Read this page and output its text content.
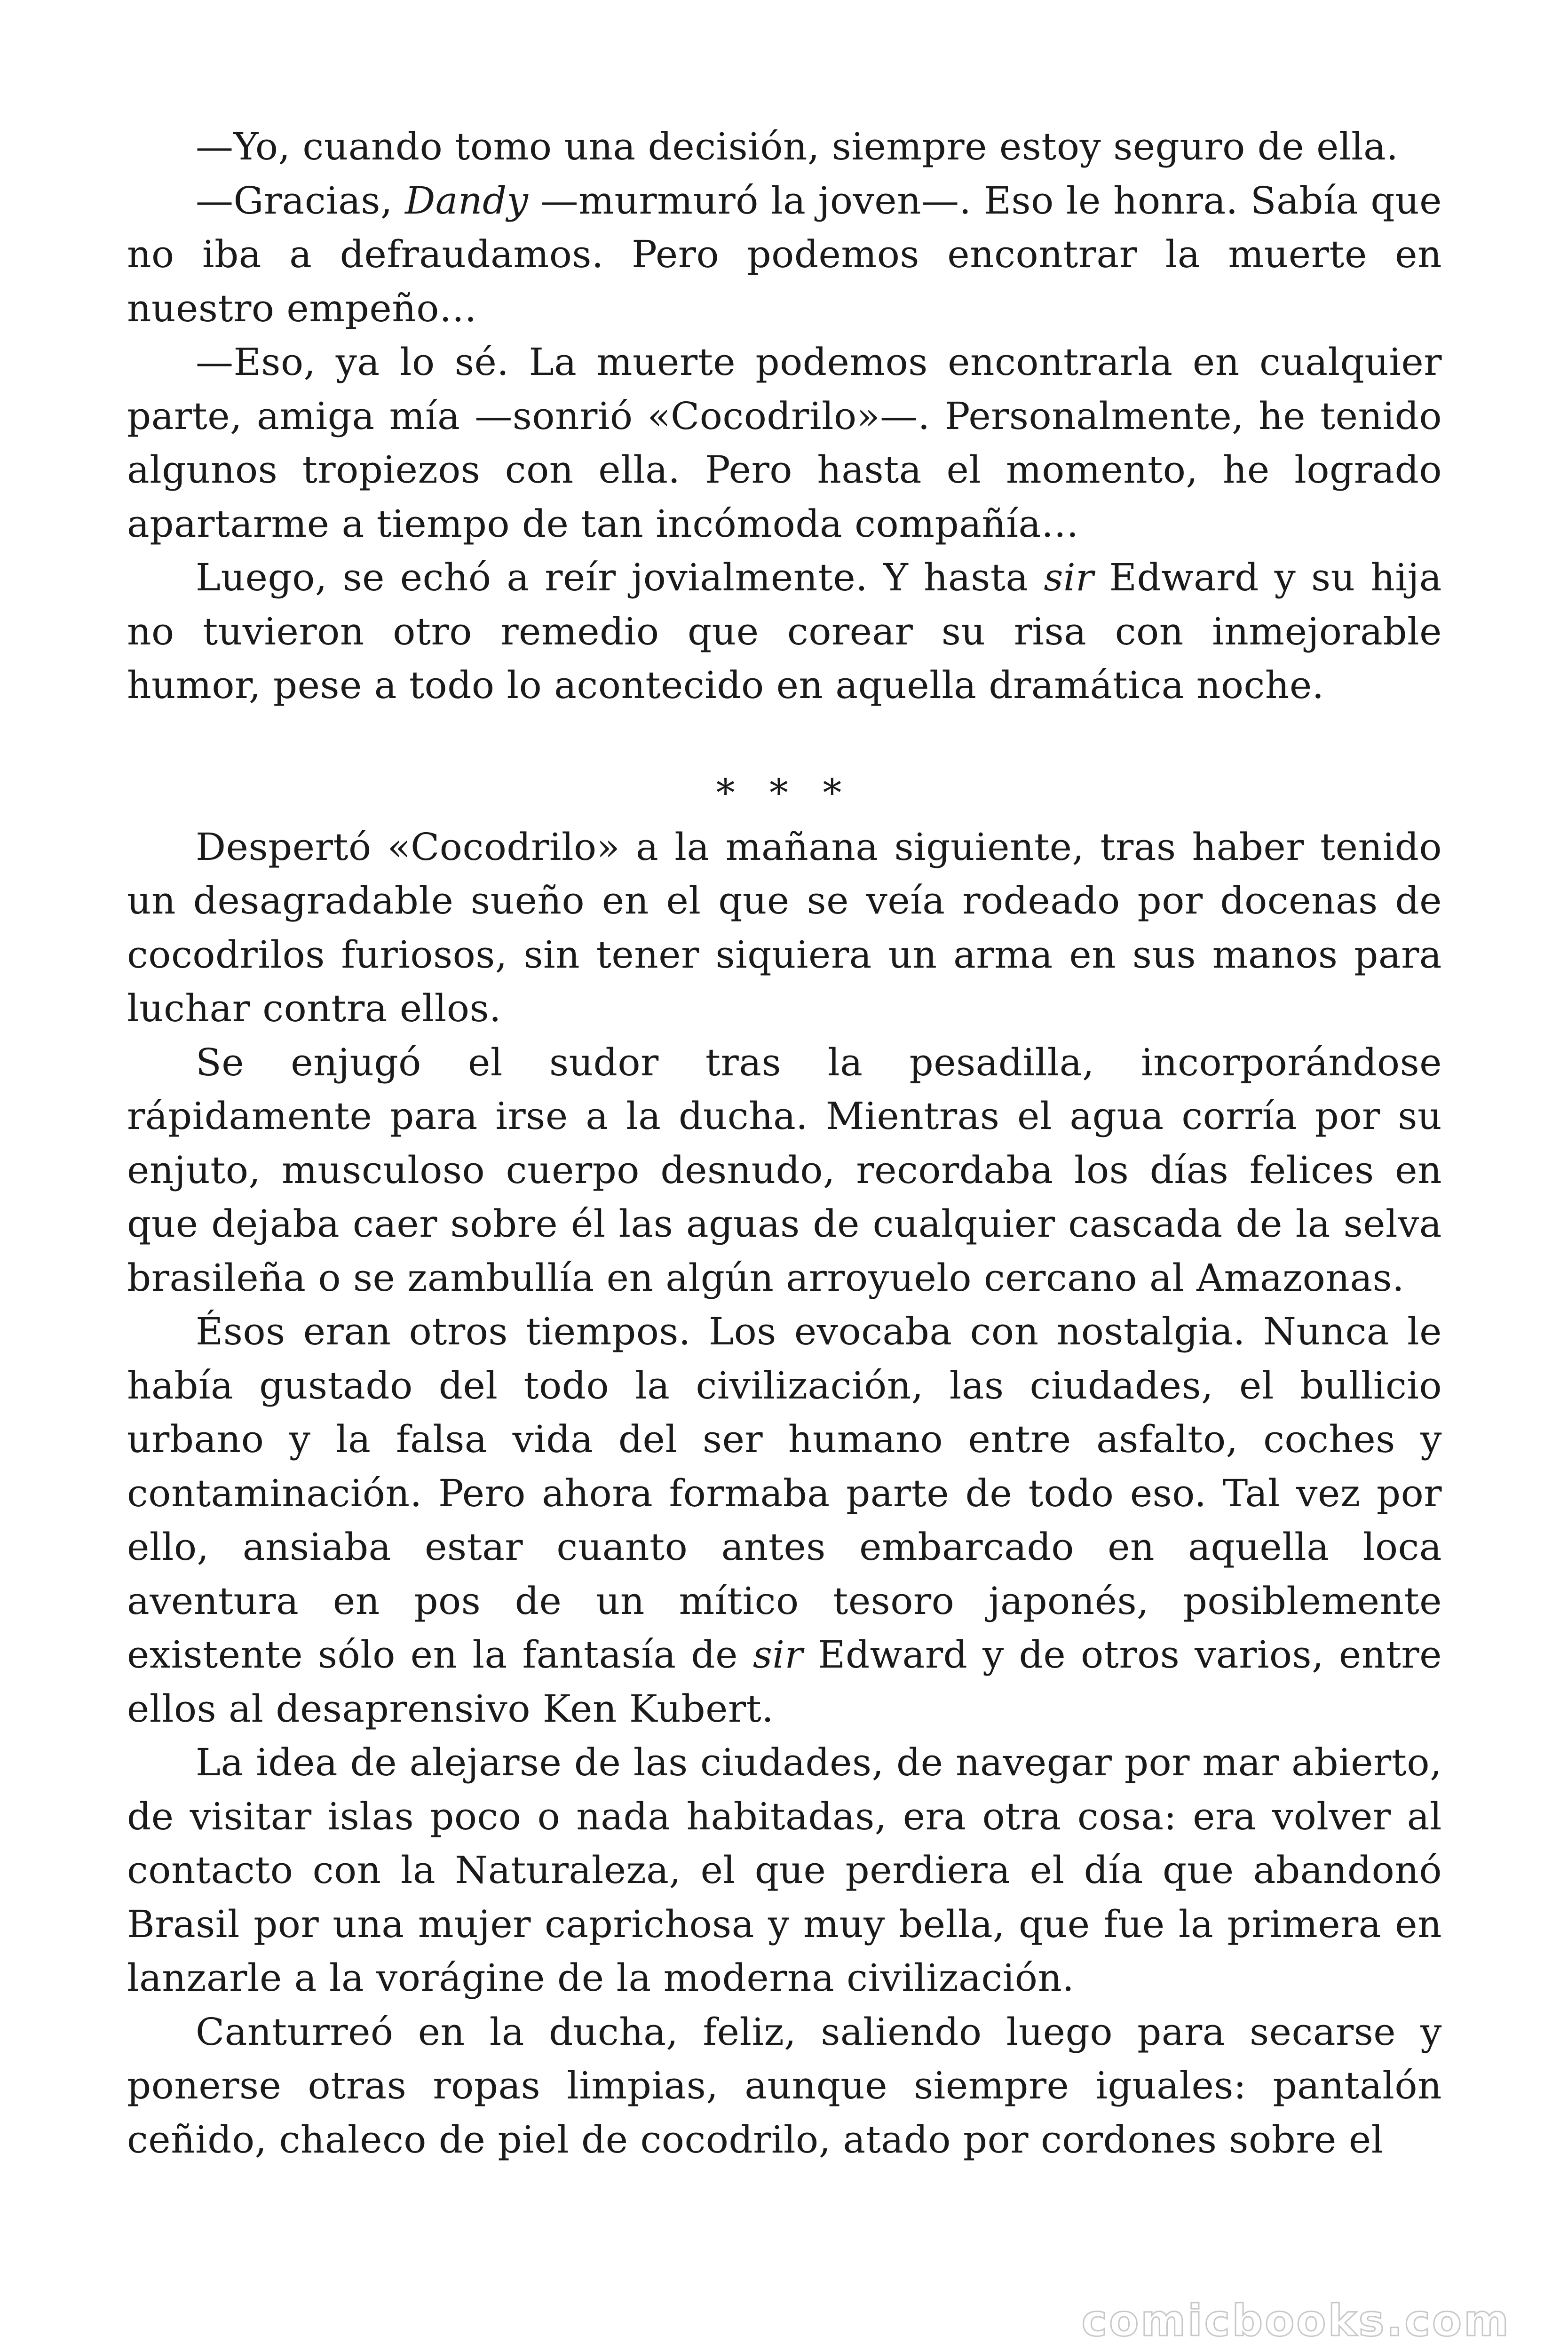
—Yo, cuando tomo una decisión, siempre estoy seguro de ella.

—Gracias, Dandy —murmuró la joven—. Eso le honra. Sabía que no iba a defraudamos. Pero podemos encontrar la muerte en nuestro empeño…

—Eso, ya lo sé. La muerte podemos encontrarla en cualquier parte, amiga mía —sonrió «Cocodrilo»—. Personalmente, he tenido algunos tropiezos con ella. Pero hasta el momento, he logrado apartarme a tiempo de tan incómoda compañía…

Luego, se echó a reír jovialmente. Y hasta sir Edward y su hija no tuvieron otro remedio que corear su risa con inmejorable humor, pese a todo lo acontecido en aquella dramática noche.

* * *

Despertó «Cocodrilo» a la mañana siguiente, tras haber tenido un desagradable sueño en el que se veía rodeado por docenas de cocodrilos furiosos, sin tener siquiera un arma en sus manos para luchar contra ellos.

Se enjugó el sudor tras la pesadilla, incorporándose rápidamente para irse a la ducha. Mientras el agua corría por su enjuto, musculoso cuerpo desnudo, recordaba los días felices en que dejaba caer sobre él las aguas de cualquier cascada de la selva brasileña o se zambullía en algún arroyuelo cercano al Amazonas.

Ésos eran otros tiempos. Los evocaba con nostalgia. Nunca le había gustado del todo la civilización, las ciudades, el bullicio urbano y la falsa vida del ser humano entre asfalto, coches y contaminación. Pero ahora formaba parte de todo eso. Tal vez por ello, ansiaba estar cuanto antes embarcado en aquella loca aventura en pos de un mítico tesoro japonés, posiblemente existente sólo en la fantasía de sir Edward y de otros varios, entre ellos al desaprensivo Ken Kubert.

La idea de alejarse de las ciudades, de navegar por mar abierto, de visitar islas poco o nada habitadas, era otra cosa: era volver al contacto con la Naturaleza, el que perdiera el día que abandonó Brasil por una mujer caprichosa y muy bella, que fue la primera en lanzarle a la vorágine de la moderna civilización.

Canturreó en la ducha, feliz, saliendo luego para secarse y ponerse otras ropas limpias, aunque siempre iguales: pantalón ceñido, chaleco de piel de cocodrilo, atado por cordones sobre el

comicbooks.com
